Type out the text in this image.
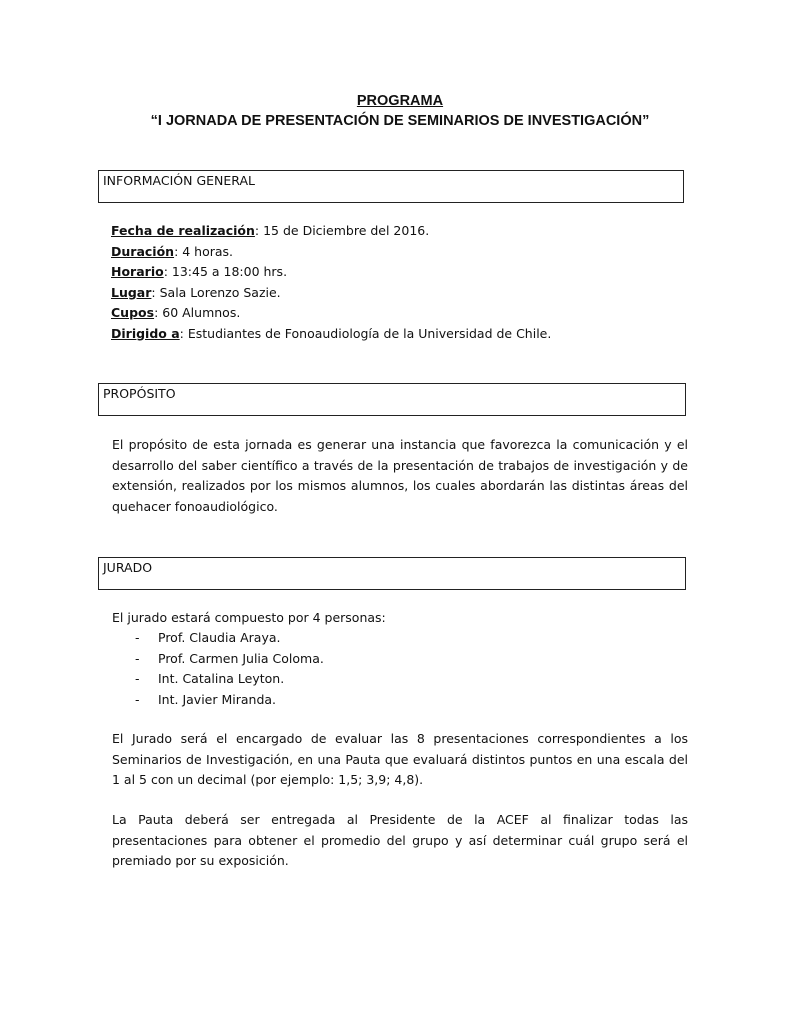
PROGRAMA
“I JORNADA DE PRESENTACIÓN DE SEMINARIOS DE INVESTIGACIÓN”
INFORMACIÓN GENERAL
Fecha de realización: 15 de Diciembre del 2016.
Duración: 4 horas.
Horario: 13:45 a 18:00 hrs.
Lugar: Sala Lorenzo Sazie.
Cupos: 60 Alumnos.
Dirigido a: Estudiantes de Fonoaudiología de la Universidad de Chile.
PROPÓSITO
El propósito de esta jornada es generar una instancia que favorezca la comunicación y el desarrollo del saber científico a través de la presentación de trabajos de investigación y de extensión, realizados por los mismos alumnos, los cuales abordarán las distintas áreas del quehacer fonoaudiológico.
JURADO
El jurado estará compuesto por 4 personas:
- Prof. Claudia Araya.
- Prof. Carmen Julia Coloma.
- Int. Catalina Leyton.
- Int. Javier Miranda.
El Jurado será el encargado de evaluar las 8 presentaciones correspondientes a los Seminarios de Investigación, en una Pauta que evaluará distintos puntos en una escala del 1 al 5 con un decimal (por ejemplo: 1,5; 3,9; 4,8).
La Pauta deberá ser entregada al Presidente de la ACEF al finalizar todas las presentaciones para obtener el promedio del grupo y así determinar cuál grupo será el premiado por su exposición.
